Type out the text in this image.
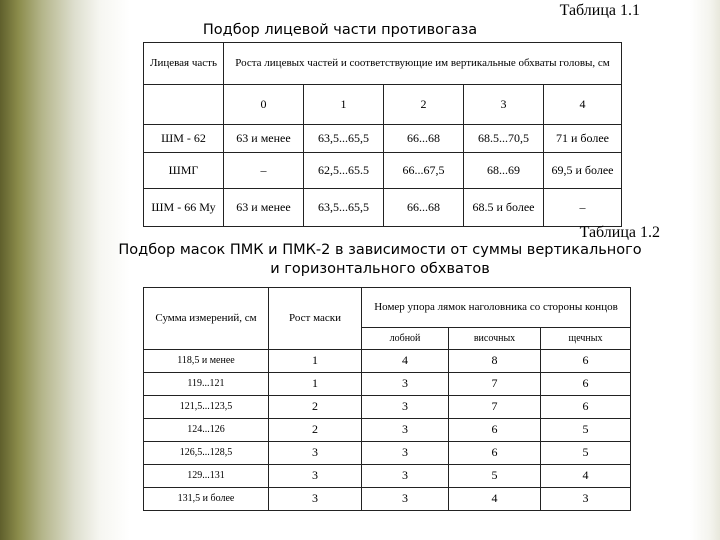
Таблица 1.1
Подбор лицевой части противогаза
Лицевая часть	Роста лицевых частей и соответствующие им вертикальные обхваты головы, см				
	0	1	2	3	4
ШМ - 62	63 и менее	63,5...65,5	66...68	68.5...70,5	71 и более
ШМГ	–	62,5...65.5	66...67,5	68...69	69,5 и более
ШМ - 66 Му	63 и менее	63,5...65,5	66...68	68.5 и более	–
Таблица 1.2
Подбор масок ПМК и ПМК-2 в зависимости от суммы вертикального
и горизонтального обхватов
Сумма измерений, см	Рост маски	Номер упора лямок наголовника со стороны концов		
		лобной	височных	щечных
118,5 и менее	1	4	8	6
119...121	1	3	7	6
121,5...123,5	2	3	7	6
124...126	2	3	6	5
126,5...128,5	3	3	6	5
129...131	3	3	5	4
131,5 и более	3	3	4	3
